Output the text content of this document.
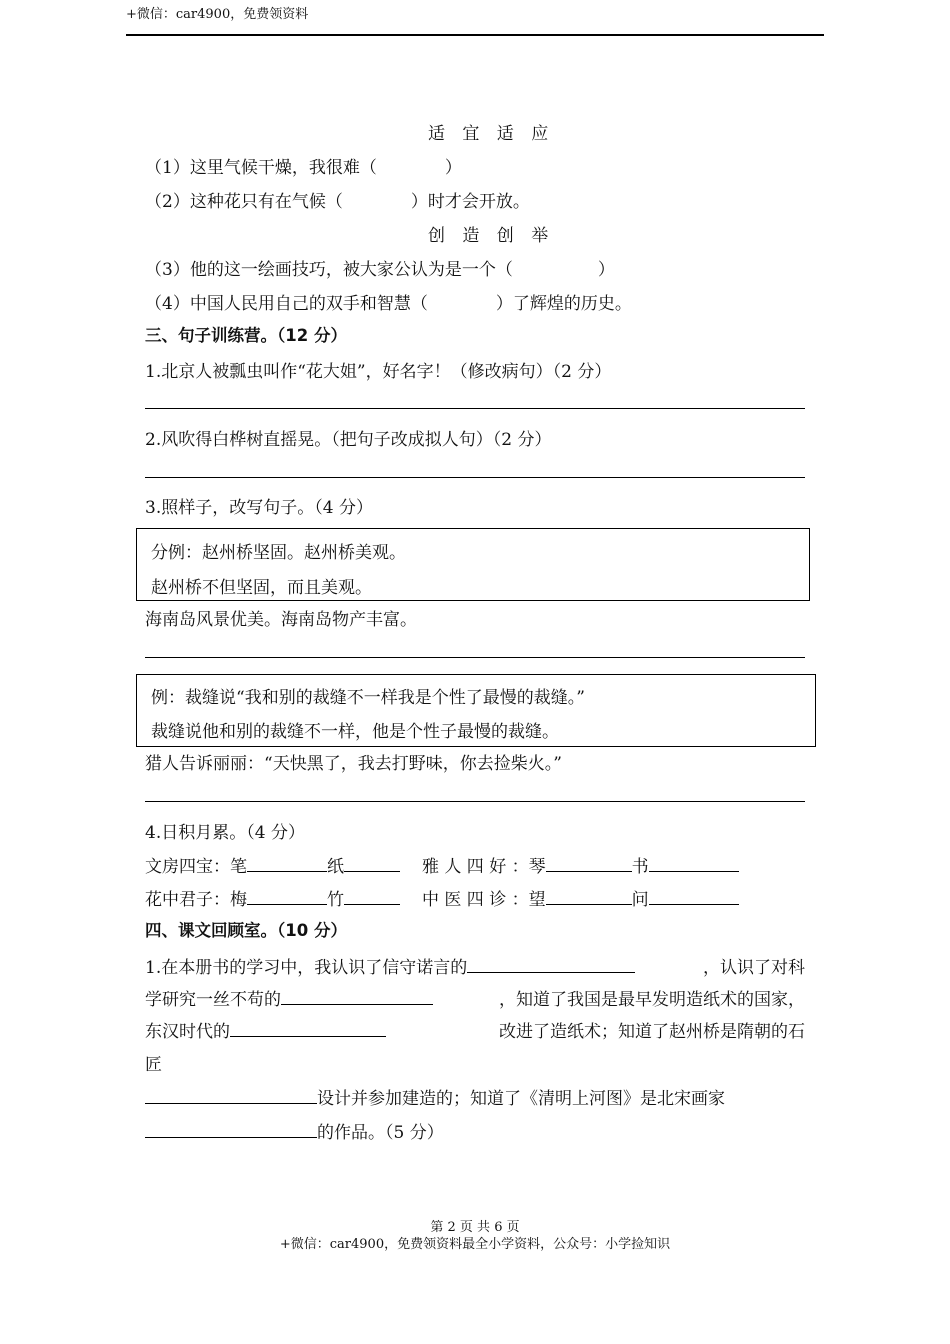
+微信：car4900，免费领资料
适 宜 适 应
（1）这里气候干燥，我很难（　　　　）
（2）这种花只有在气候（　　　　）时才会开放。
创 造 创 举
（3）他的这一绘画技巧，被大家公认为是一个（　　　　　）
（4）中国人民用自己的双手和智慧（　　　　）了辉煌的历史。
三、句子训练营。（12 分）
1.北京人被瓢虫叫作“花大姐”，好名字！（修改病句）（2 分）
2.风吹得白桦树直摇晃。（把句子改成拟人句）（2 分）
3.照样子，改写句子。（4 分）
分例：赵州桥坚固。赵州桥美观。
赵州桥不但坚固，而且美观。
海南岛风景优美。海南岛物产丰富。
例：裁缝说“我和别的裁缝不一样我是个性了最慢的裁缝。”
裁缝说他和别的裁缝不一样，他是个性子最慢的裁缝。
猎人告诉丽丽：“天快黑了，我去打野味，你去捡柴火。”
4.日积月累。（4 分）
文房四宝：笔	纸	雅 人 四 好 ：琴	书
花中君子：梅	竹	中 医 四 诊 ：望	问
四、课文回顾室。（10 分）
1.在本册书的学习中，我认识了信守诺言的	，认识了对科
学研究一丝不苟的	，知道了我国是最早发明造纸术的国家，
东汉时代的	改进了造纸术；知道了赵州桥是隋朝的石
匠
设计并参加建造的；知道了《清明上河图》是北宋画家
的作品。（5 分）
第 2 页 共 6 页
+微信：car4900，免费领资料最全小学资料，公众号：小学捡知识
